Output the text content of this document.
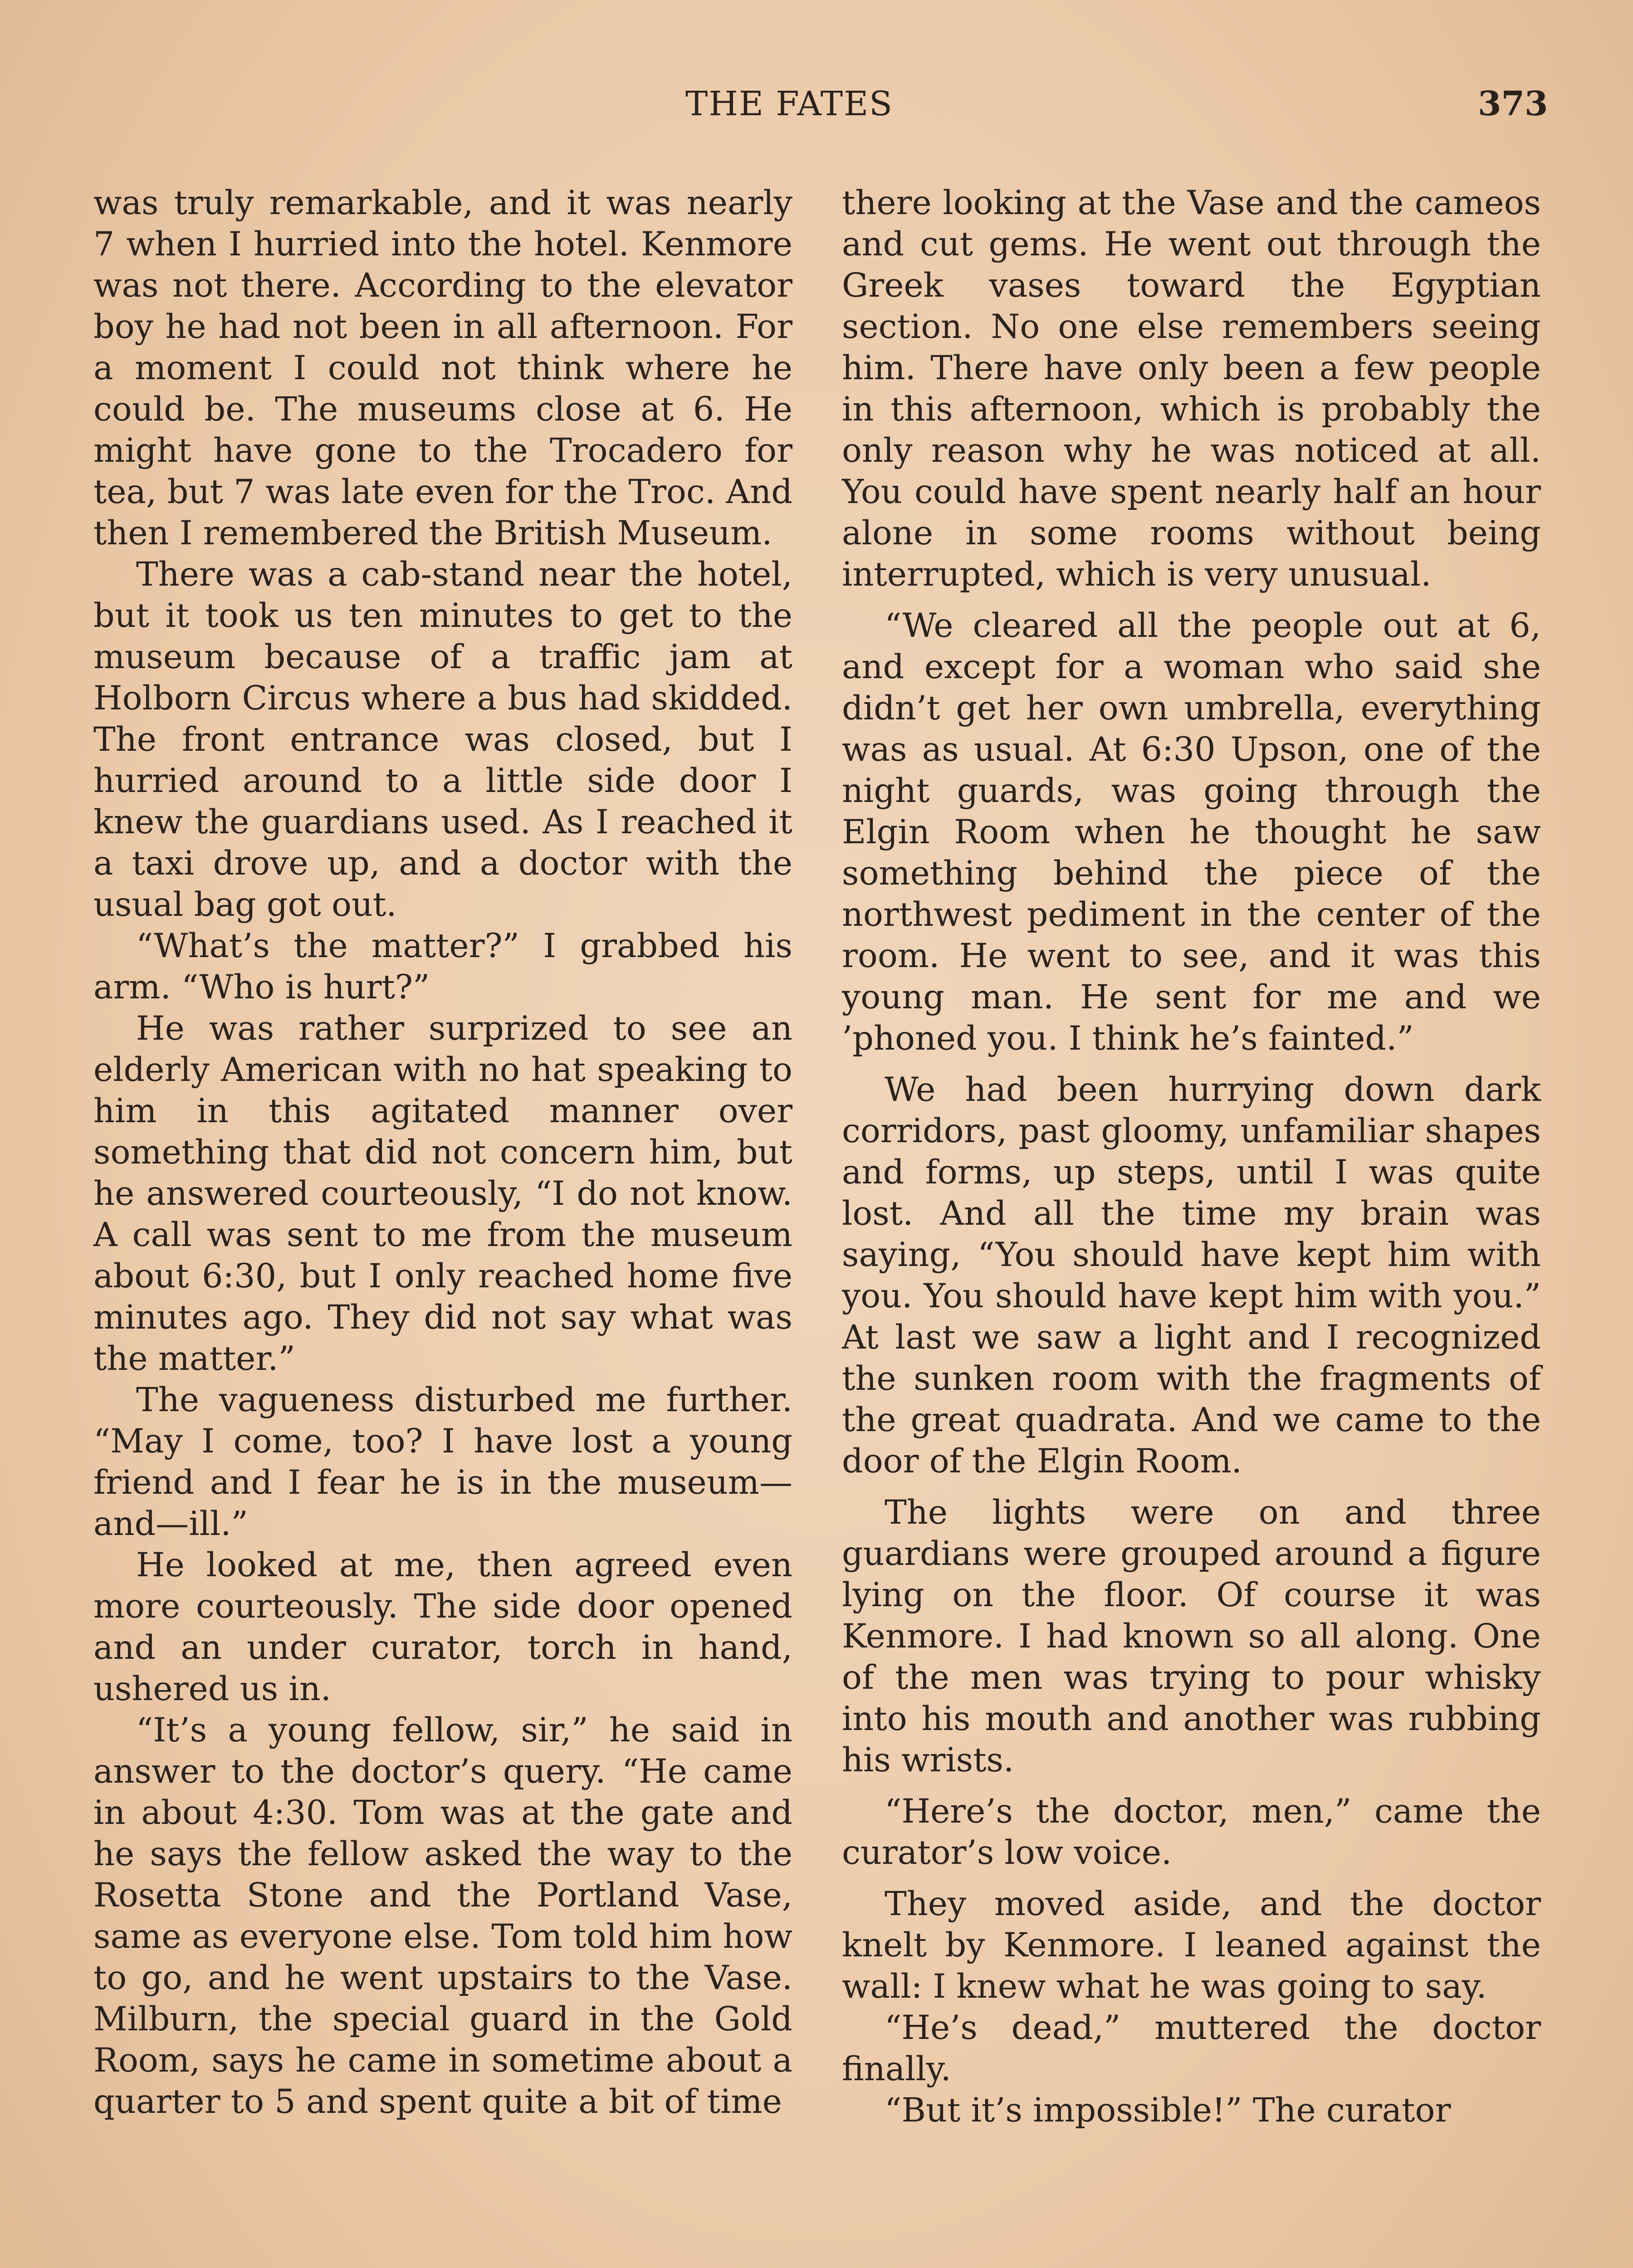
THE FATES	373

was truly remarkable, and it was nearly 7 when I hurried into the hotel. Kenmore was not there. According to the elevator boy he had not been in all afternoon. For a moment I could not think where he could be. The museums close at 6. He might have gone to the Trocadero for tea, but 7 was late even for the Troc. And then I remembered the British Museum.

There was a cab-stand near the hotel, but it took us ten minutes to get to the museum because of a traffic jam at Holborn Circus where a bus had skidded. The front entrance was closed, but I hurried around to a little side door I knew the guardians used. As I reached it a taxi drove up, and a doctor with the usual bag got out.

“What’s the matter?” I grabbed his arm. “Who is hurt?”

He was rather surprized to see an elderly American with no hat speaking to him in this agitated manner over something that did not concern him, but he answered courteously, “I do not know. A call was sent to me from the museum about 6:30, but I only reached home five minutes ago. They did not say what was the matter.”

The vagueness disturbed me further. “May I come, too? I have lost a young friend and I fear he is in the museum—and—ill.”

He looked at me, then agreed even more courteously. The side door opened and an under curator, torch in hand, ushered us in.

“It’s a young fellow, sir,” he said in answer to the doctor’s query. “He came in about 4:30. Tom was at the gate and he says the fellow asked the way to the Rosetta Stone and the Portland Vase, same as everyone else. Tom told him how to go, and he went upstairs to the Vase. Milburn, the special guard in the Gold Room, says he came in sometime about a quarter to 5 and spent quite a bit of time

there looking at the Vase and the cameos and cut gems. He went out through the Greek vases toward the Egyptian section. No one else remembers seeing him. There have only been a few people in this afternoon, which is probably the only reason why he was noticed at all. You could have spent nearly half an hour alone in some rooms without being interrupted, which is very unusual.

“We cleared all the people out at 6, and except for a woman who said she didn’t get her own umbrella, everything was as usual. At 6:30 Upson, one of the night guards, was going through the Elgin Room when he thought he saw something behind the piece of the northwest pediment in the center of the room. He went to see, and it was this young man. He sent for me and we ’phoned you. I think he’s fainted.”

We had been hurrying down dark corridors, past gloomy, unfamiliar shapes and forms, up steps, until I was quite lost. And all the time my brain was saying, “You should have kept him with you. You should have kept him with you.” At last we saw a light and I recognized the sunken room with the fragments of the great quadrata. And we came to the door of the Elgin Room.

The lights were on and three guardians were grouped around a figure lying on the floor. Of course it was Kenmore. I had known so all along. One of the men was trying to pour whisky into his mouth and another was rubbing his wrists.

“Here’s the doctor, men,” came the curator’s low voice.

They moved aside, and the doctor knelt by Kenmore. I leaned against the wall: I knew what he was going to say.

“He’s dead,” muttered the doctor finally.

“But it’s impossible!” The curator
